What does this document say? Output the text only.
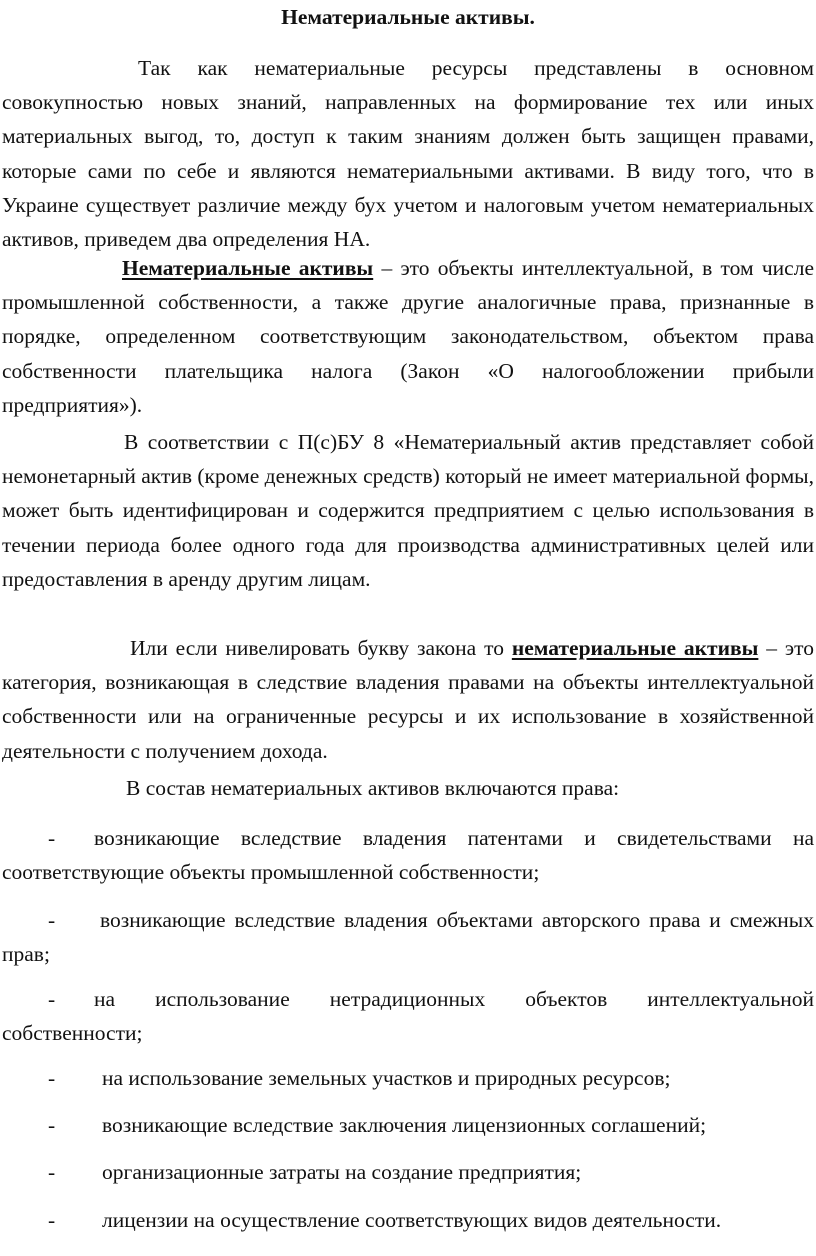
Нематериальные активы.

Так как нематериальные ресурсы представлены в основном совокупностью новых знаний, направленных на формирование тех или иных материальных выгод, то, доступ к таким знаниям должен быть защищен правами, которые сами по себе и являются нематериальными активами. В виду того, что в Украине существует различие между бух учетом и налоговым учетом нематериальных активов, приведем два определения НА.

Нематериальные активы – это объекты интеллектуальной, в том числе промышленной собственности, а также другие аналогичные права, признанные в порядке, определенном соответствующим законодательством, объектом права собственности плательщика налога (Закон «О налогообложении прибыли предприятия»).

В соответствии с П(с)БУ 8 «Нематериальный актив представляет собой немонетарный актив (кроме денежных средств) который не имеет материальной формы, может быть идентифицирован и содержится предприятием с целью использования в течении периода более одного года для производства административных целей или предоставления в аренду другим лицам.

Или если нивелировать букву закона то нематериальные активы – это категория, возникающая в следствие владения правами на объекты интеллектуальной собственности или на ограниченные ресурсы и их использование в хозяйственной деятельности с получением дохода.

В состав нематериальных активов включаются права:

- возникающие вследствие владения патентами и свидетельствами на соответствующие объекты промышленной собственности;

- возникающие вследствие владения объектами авторского права и смежных прав;

- на использование нетрадиционных объектов интеллектуальной собственности;

- на использование земельных участков и природных ресурсов;

- возникающие вследствие заключения лицензионных соглашений;

- организационные затраты на создание предприятия;

- лицензии на осуществление соответствующих видов деятельности.
